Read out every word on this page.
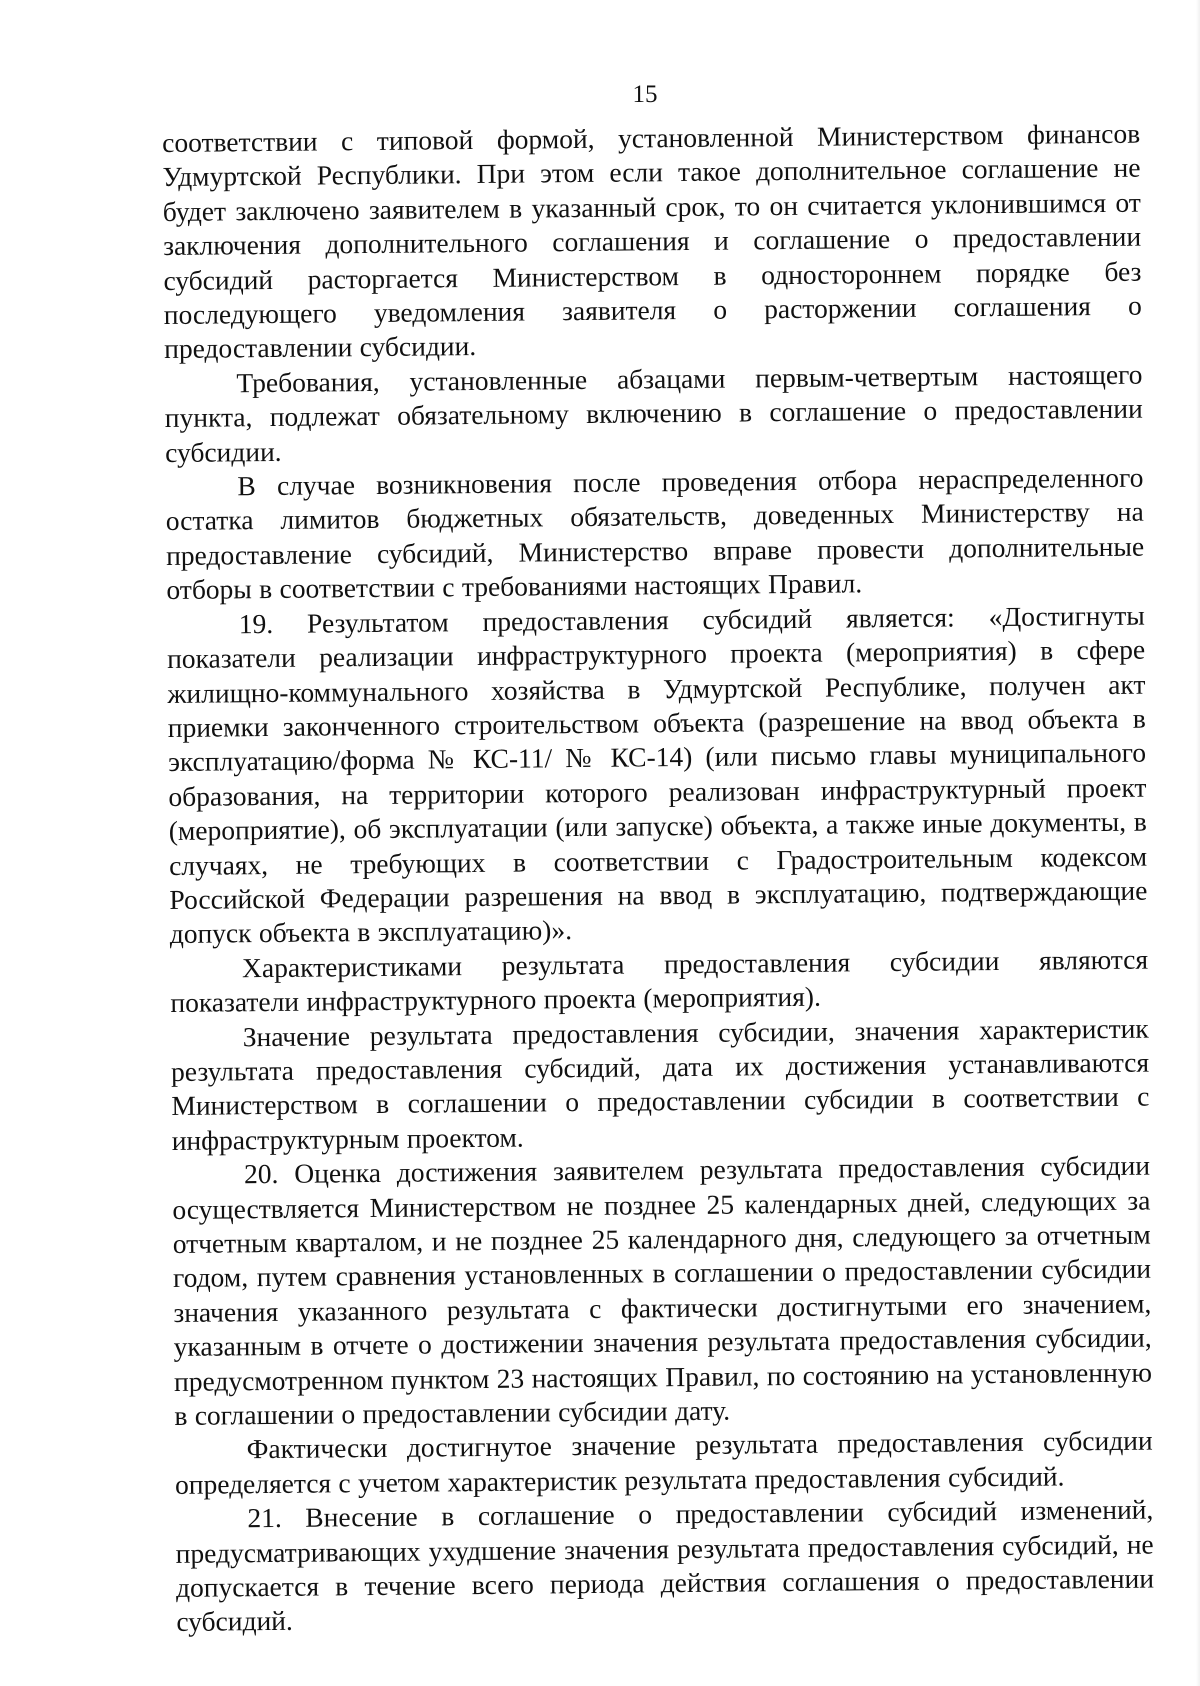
15

соответствии с типовой формой, установленной Министерством финансов Удмуртской Республики. При этом если такое дополнительное соглашение не будет заключено заявителем в указанный срок, то он считается уклонившимся от заключения дополнительного соглашения и соглашение о предоставлении субсидий расторгается Министерством в одностороннем порядке без последующего уведомления заявителя о расторжении соглашения о предоставлении субсидии.

Требования, установленные абзацами первым-четвертым настоящего пункта, подлежат обязательному включению в соглашение о предоставлении субсидии.

В случае возникновения после проведения отбора нераспределенного остатка лимитов бюджетных обязательств, доведенных Министерству на предоставление субсидий, Министерство вправе провести дополнительные отборы в соответствии с требованиями настоящих Правил.

19. Результатом предоставления субсидий является: «Достигнуты показатели реализации инфраструктурного проекта (мероприятия) в сфере жилищно-коммунального хозяйства в Удмуртской Республике, получен акт приемки законченного строительством объекта (разрешение на ввод объекта в эксплуатацию/форма № КС-11/ № КС-14) (или письмо главы муниципального образования, на территории которого реализован инфраструктурный проект (мероприятие), об эксплуатации (или запуске) объекта, а также иные документы, в случаях, не требующих в соответствии с Градостроительным кодексом Российской Федерации разрешения на ввод в эксплуатацию, подтверждающие допуск объекта в эксплуатацию)».

Характеристиками результата предоставления субсидии являются показатели инфраструктурного проекта (мероприятия).

Значение результата предоставления субсидии, значения характеристик результата предоставления субсидий, дата их достижения устанавливаются Министерством в соглашении о предоставлении субсидии в соответствии с инфраструктурным проектом.

20. Оценка достижения заявителем результата предоставления субсидии осуществляется Министерством не позднее 25 календарных дней, следующих за отчетным кварталом, и не позднее 25 календарного дня, следующего за отчетным годом, путем сравнения установленных в соглашении о предоставлении субсидии значения указанного результата с фактически достигнутыми его значением, указанным в отчете о достижении значения результата предоставления субсидии, предусмотренном пунктом 23 настоящих Правил, по состоянию на установленную в соглашении о предоставлении субсидии дату.

Фактически достигнутое значение результата предоставления субсидии определяется с учетом характеристик результата предоставления субсидий.

21. Внесение в соглашение о предоставлении субсидий изменений, предусматривающих ухудшение значения результата предоставления субсидий, не допускается в течение всего периода действия соглашения о предоставлении субсидий.
